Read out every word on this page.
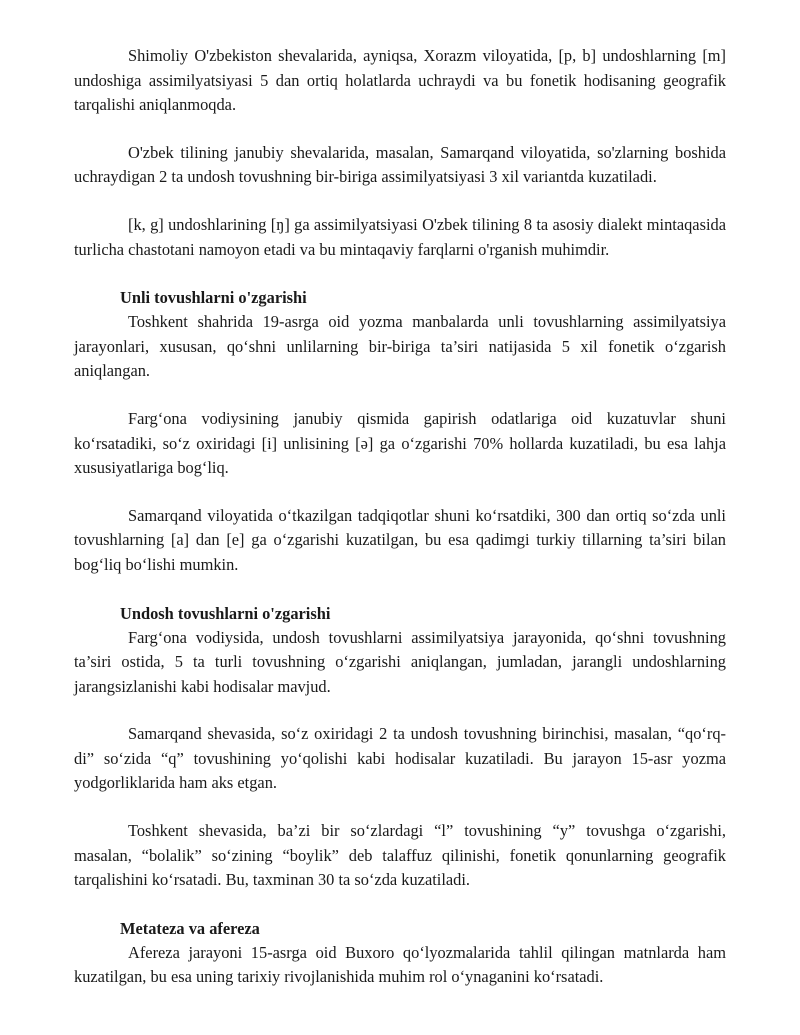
Shimoliy O'zbekiston shevalarida, ayniqsa, Xorazm viloyatida, [p, b] undoshlarning [m] undoshiga assimilyatsiyasi 5 dan ortiq holatlarda uchraydi va bu fonetik hodisaning geografik tarqalishi aniqlanmoqda.

O'zbek tilining janubiy shevalarida, masalan, Samarqand viloyatida, so'zlarning boshida uchraydigan 2 ta undosh tovushning bir-biriga assimilyatsiyasi 3 xil variantda kuzatiladi.

[k, g] undoshlarining [ŋ] ga assimilyatsiyasi O'zbek tilining 8 ta asosiy dialekt mintaqasida turlicha chastotani namoyon etadi va bu mintaqaviy farqlarni o'rganish muhimdir.

Unli tovushlarni o'zgarishi

Toshkent shahrida 19-asrga oid yozma manbalarda unli tovushlarning assimilyatsiya jarayonlari, xususan, qo‘shni unlilarning bir-biriga ta’siri natijasida 5 xil fonetik o‘zgarish aniqlangan.

Farg‘ona vodiysining janubiy qismida gapirish odatlariga oid kuzatuvlar shuni ko‘rsatadiki, so‘z oxiridagi [i] unlisining [ə] ga o‘zgarishi 70% hollarda kuzatiladi, bu esa lahja xususiyatlariga bog‘liq.

Samarqand viloyatida o‘tkazilgan tadqiqotlar shuni ko‘rsatdiki, 300 dan ortiq so‘zda unli tovushlarning [a] dan [e] ga o‘zgarishi kuzatilgan, bu esa qadimgi turkiy tillarning ta’siri bilan bog‘liq bo‘lishi mumkin.

Undosh tovushlarni o'zgarishi

Farg‘ona vodiysida, undosh tovushlarni assimilyatsiya jarayonida, qo‘shni tovushning ta’siri ostida, 5 ta turli tovushning o‘zgarishi aniqlangan, jumladan, jarangli undoshlarning jarangsizlanishi kabi hodisalar mavjud.

Samarqand shevasida, so‘z oxiridagi 2 ta undosh tovushning birinchisi, masalan, “qo‘rq-di” so‘zida “q” tovushining yo‘qolishi kabi hodisalar kuzatiladi. Bu jarayon 15-asr yozma yodgorliklarida ham aks etgan.

Toshkent shevasida, ba’zi bir so‘zlardagi “l” tovushining “y” tovushga o‘zgarishi, masalan, “bolalik” so‘zining “boylik” deb talaffuz qilinishi, fonetik qonunlarning geografik tarqalishini ko‘rsatadi. Bu, taxminan 30 ta so‘zda kuzatiladi.

Metateza va afereza

Afereza jarayoni 15-asrga oid Buxoro qo‘lyozmalarida tahlil qilingan matnlarda ham kuzatilgan, bu esa uning tarixiy rivojlanishida muhim rol o‘ynaganini ko‘rsatadi.
